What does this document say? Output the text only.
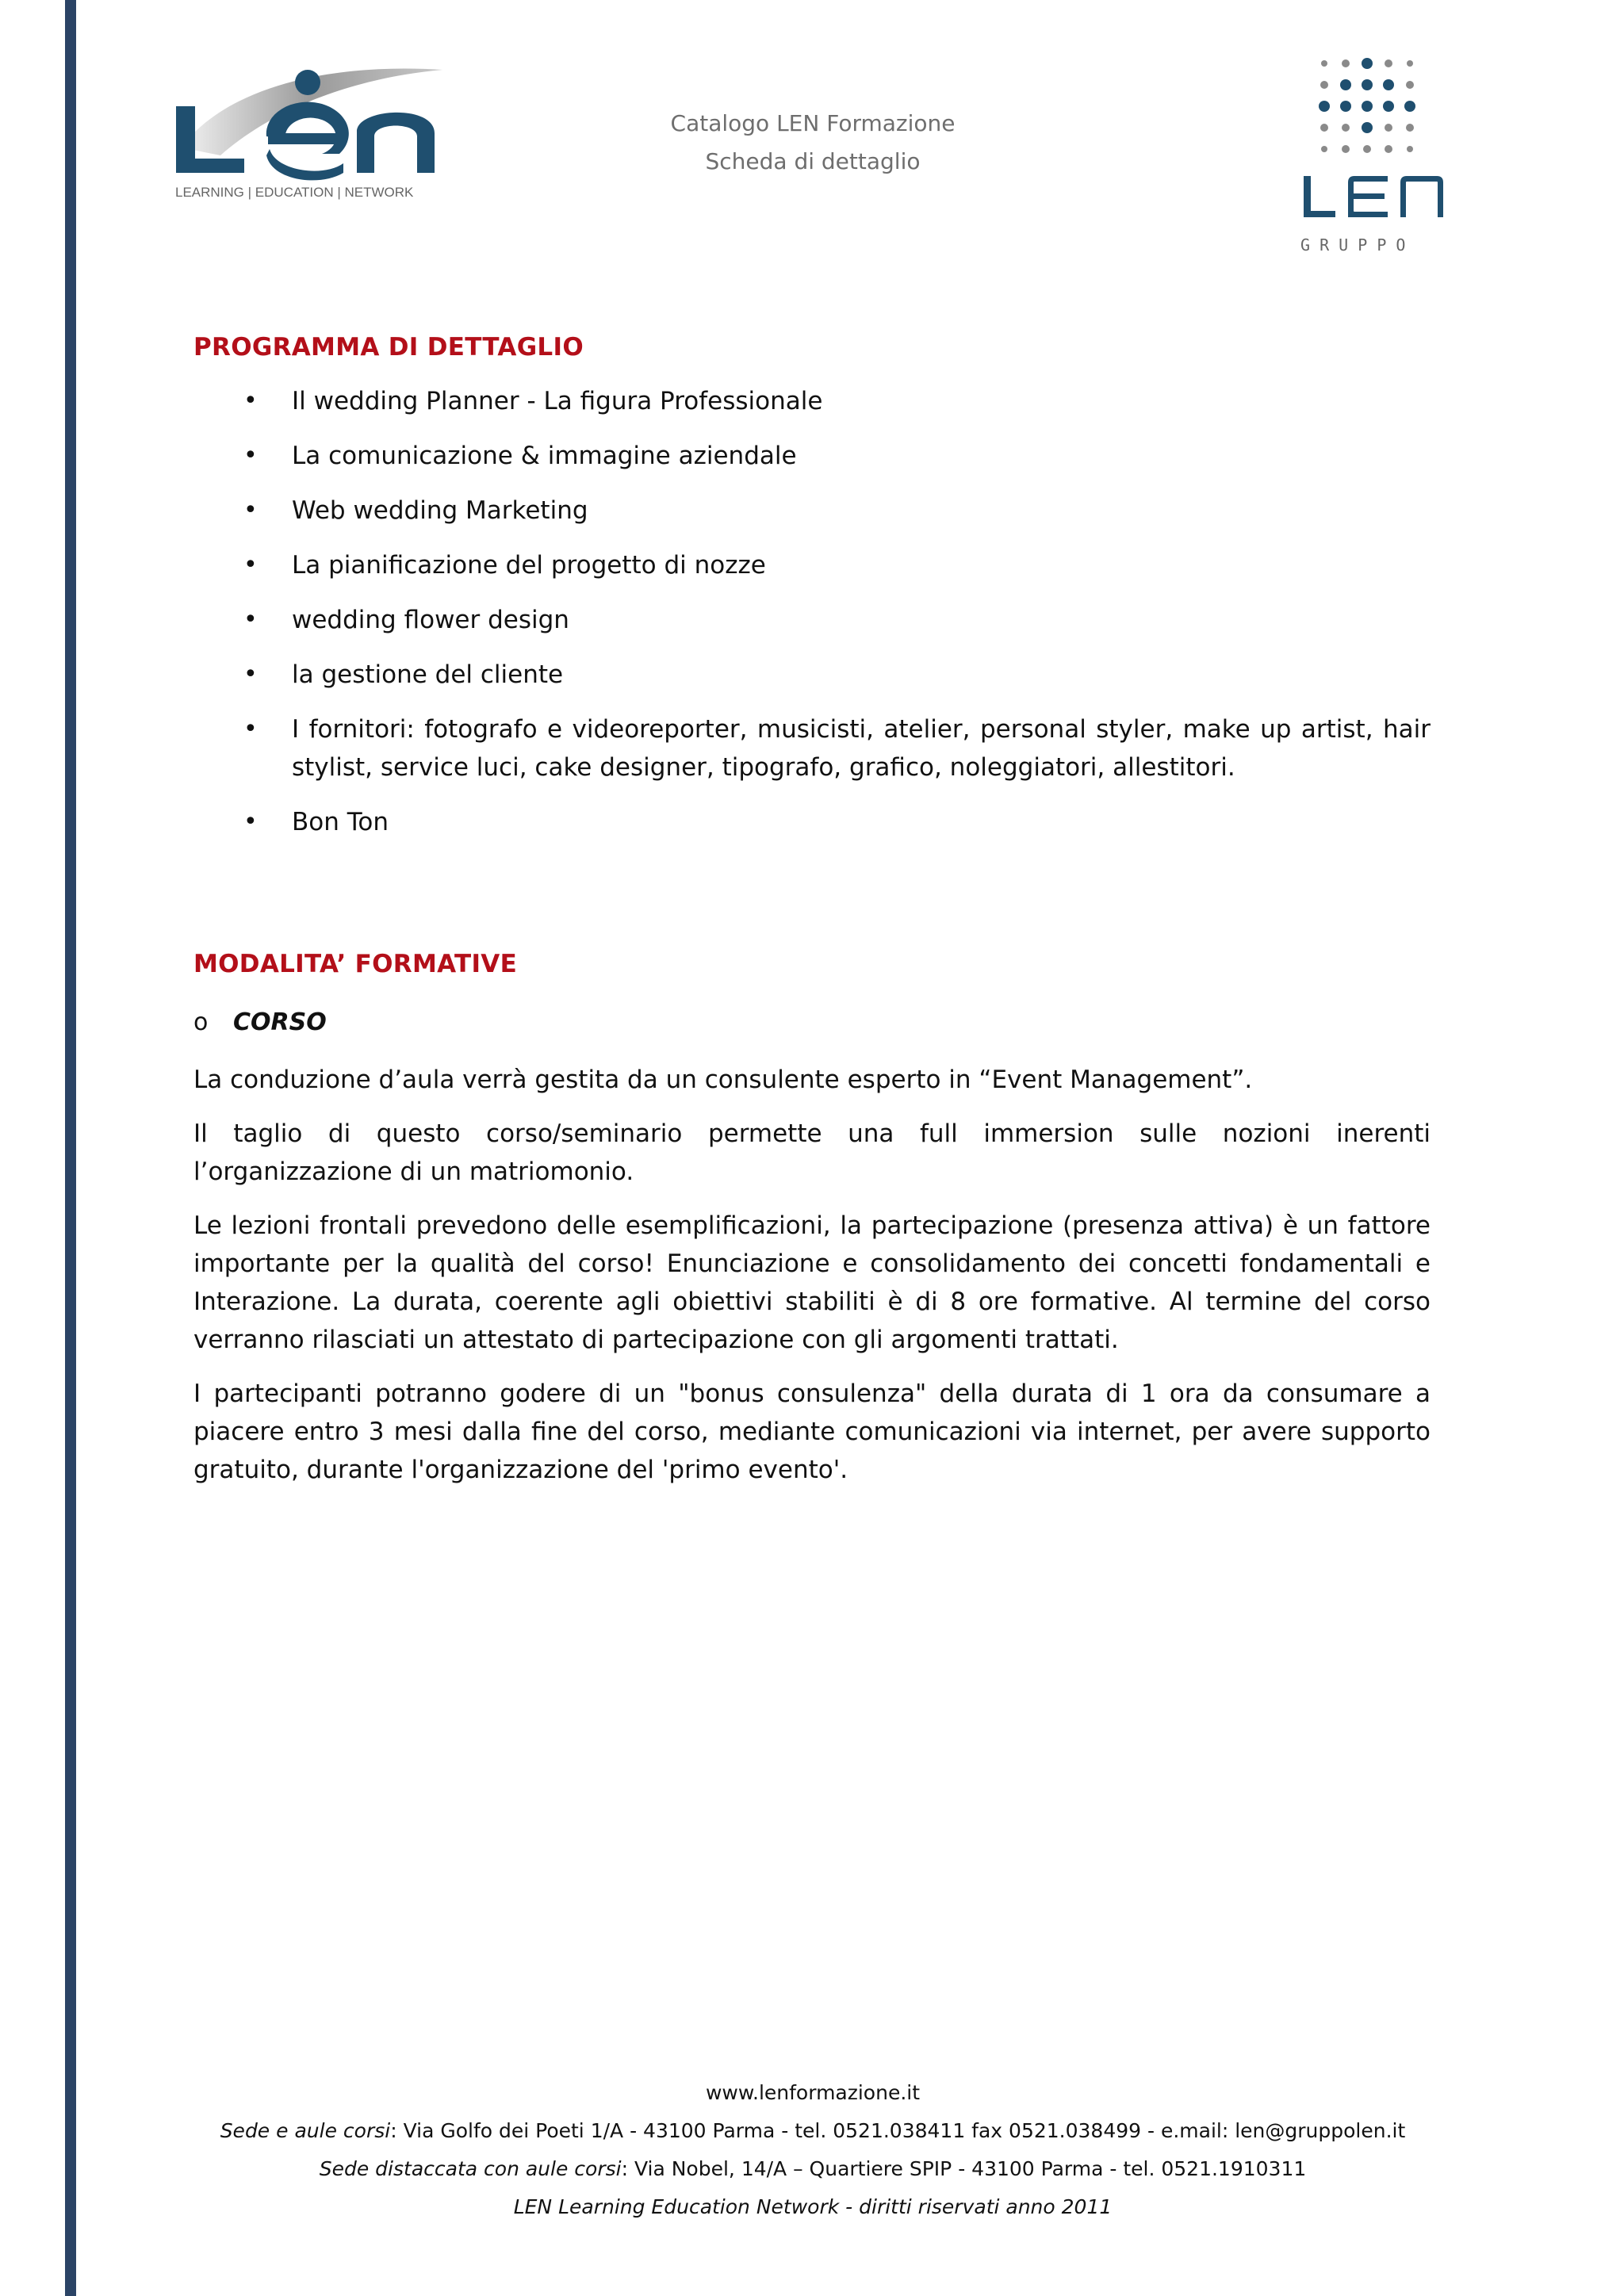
LEARNING | EDUCATION | NETWORK
Catalogo LEN Formazione
Scheda di dettaglio
G R U P P O
PROGRAMMA DI DETTAGLIO
• Il wedding Planner - La figura Professionale
• La comunicazione & immagine aziendale
• Web wedding Marketing
• La pianificazione del progetto di nozze
• wedding flower design
• la gestione del cliente
• I fornitori: fotografo e videoreporter, musicisti, atelier, personal styler, make up artist, hair stylist, service luci, cake designer, tipografo, grafico, noleggiatori, allestitori.
• Bon Ton
MODALITA’ FORMATIVE
o CORSO

La conduzione d’aula verrà gestita da un consulente esperto in “Event Management”.

Il taglio di questo corso/seminario permette una full immersion sulle nozioni inerenti l’organizzazione di un matriomonio.

Le lezioni frontali prevedono delle esemplificazioni, la partecipazione (presenza attiva) è un fattore importante per la qualità del corso! Enunciazione e consolidamento dei concetti fondamentali e Interazione. La durata, coerente agli obiettivi stabiliti è di 8 ore formative. Al termine del corso verranno rilasciati un attestato di partecipazione con gli argomenti trattati.

I partecipanti potranno godere di un "bonus consulenza" della durata di 1 ora da consumare a piacere entro 3 mesi dalla fine del corso, mediante comunicazioni via internet, per avere supporto gratuito, durante l'organizzazione del 'primo evento'.

www.lenformazione.it
Sede e aule corsi: Via Golfo dei Poeti 1/A - 43100 Parma - tel. 0521.038411 fax 0521.038499 - e.mail: len@gruppolen.it
Sede distaccata con aule corsi: Via Nobel, 14/A – Quartiere SPIP - 43100 Parma - tel. 0521.1910311
LEN Learning Education Network - diritti riservati anno 2011
